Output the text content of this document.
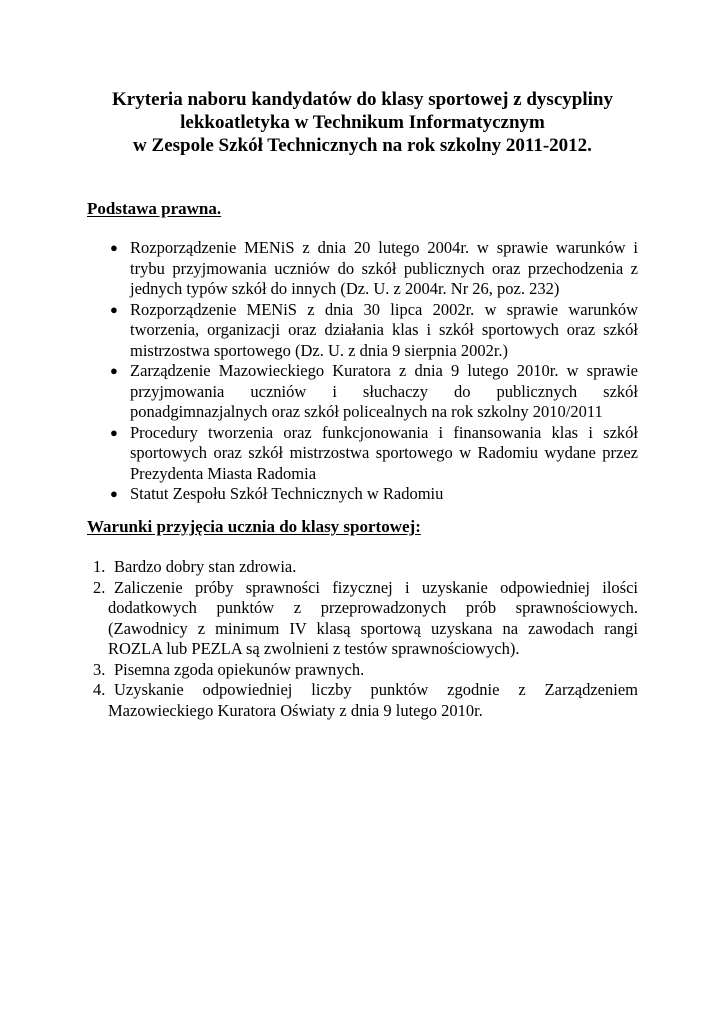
Kryteria naboru kandydatów do klasy sportowej z dyscypliny
lekkoatletyka w Technikum Informatycznym
w Zespole Szkół Technicznych na rok szkolny 2011-2012.
Podstawa prawna.
● Rozporządzenie MENiS z dnia 20 lutego 2004r. w sprawie warunków i trybu przyjmowania uczniów do szkół publicznych oraz przechodzenia z jednych typów szkół do innych (Dz. U. z 2004r. Nr 26, poz. 232)
● Rozporządzenie MENiS z dnia 30 lipca 2002r. w sprawie warunków tworzenia, organizacji oraz działania klas i szkół sportowych oraz szkół mistrzostwa sportowego (Dz. U. z dnia 9 sierpnia 2002r.)
● Zarządzenie Mazowieckiego Kuratora z dnia 9 lutego 2010r. w sprawie przyjmowania uczniów i słuchaczy do publicznych szkół ponadgimnazjalnych oraz szkół policealnych na rok szkolny 2010/2011
● Procedury tworzenia oraz funkcjonowania i finansowania klas i szkół sportowych oraz szkół mistrzostwa sportowego w Radomiu wydane przez Prezydenta Miasta Radomia
● Statut Zespołu Szkół Technicznych w Radomiu
Warunki przyjęcia ucznia do klasy sportowej:
1. Bardzo dobry stan zdrowia.
2. Zaliczenie próby sprawności fizycznej i uzyskanie odpowiedniej ilości dodatkowych punktów z przeprowadzonych prób sprawnościowych. (Zawodnicy z minimum IV klasą sportową uzyskana na zawodach rangi ROZLA lub PEZLA są zwolnieni z testów sprawnościowych).
3. Pisemna zgoda opiekunów prawnych.
4. Uzyskanie odpowiedniej liczby punktów zgodnie z Zarządzeniem Mazowieckiego Kuratora Oświaty z dnia 9 lutego 2010r.
